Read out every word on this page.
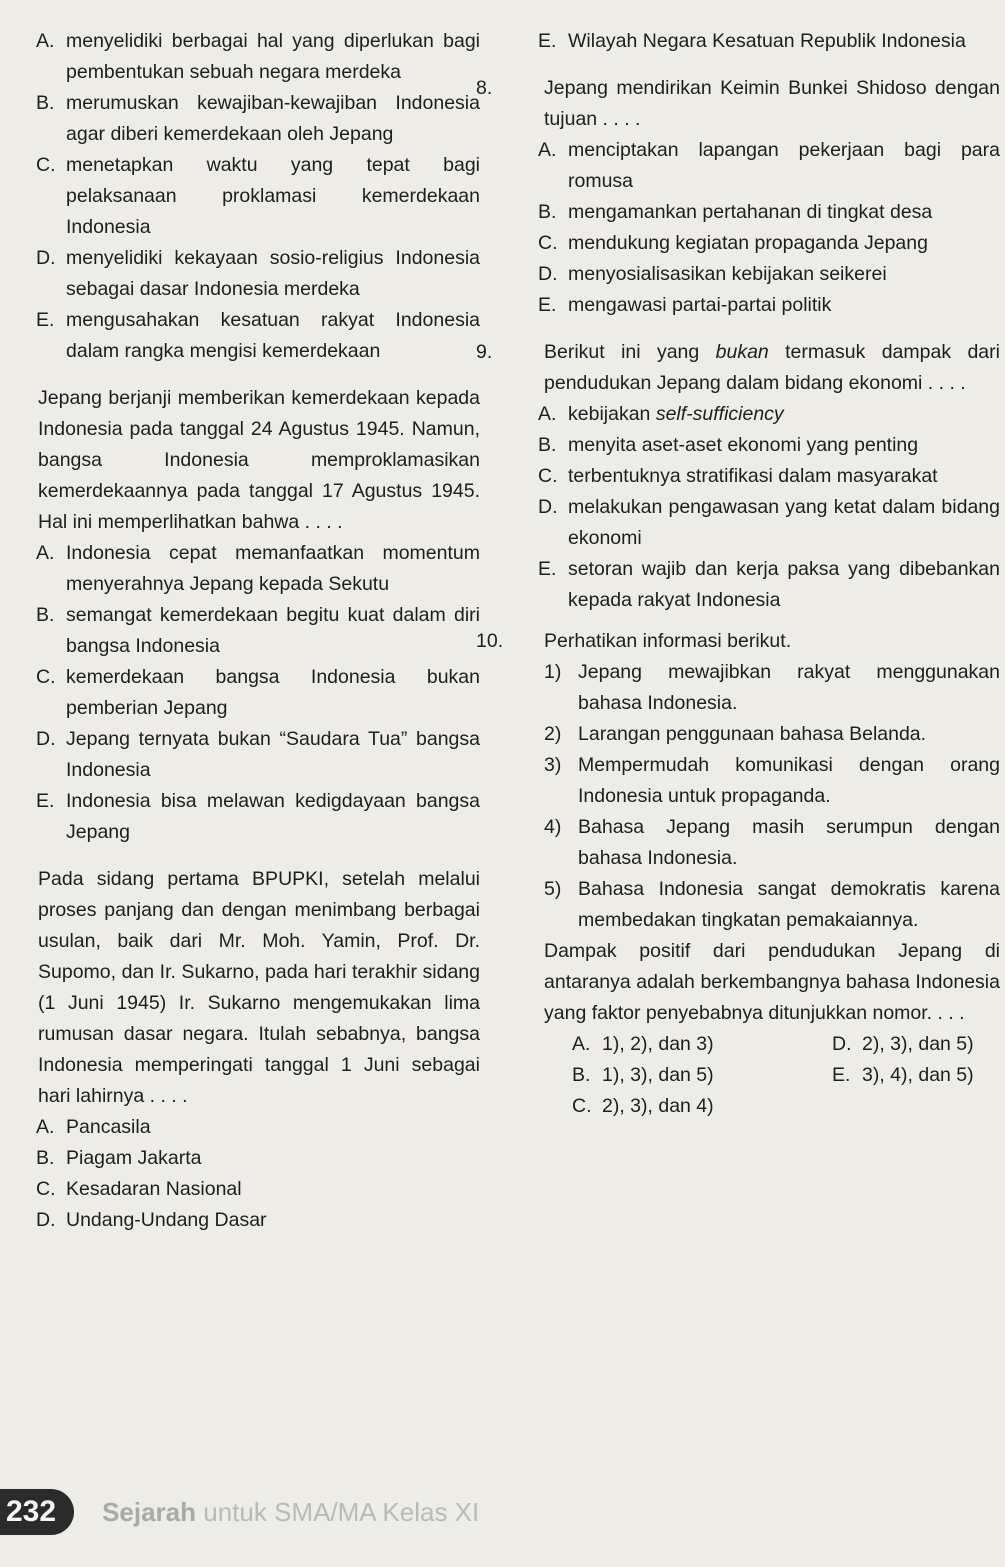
A. menyelidiki berbagai hal yang diperlukan bagi pembentukan sebuah negara merdeka
B. merumuskan kewajiban-kewajiban Indonesia agar diberi kemerdekaan oleh Jepang
C. menetapkan waktu yang tepat bagi pelaksanaan proklamasi kemerdekaan Indonesia
D. menyelidiki kekayaan sosio-religius Indonesia sebagai dasar Indonesia merdeka
E. mengusahakan kesatuan rakyat Indonesia dalam rangka mengisi kemerdekaan

Jepang berjanji memberikan kemerdekaan kepada Indonesia pada tanggal 24 Agustus 1945. Namun, bangsa Indonesia memproklamasikan kemerdekaannya pada tanggal 17 Agustus 1945. Hal ini memperlihatkan bahwa . . . .

A. Indonesia cepat memanfaatkan momentum menyerahnya Jepang kepada Sekutu
B. semangat kemerdekaan begitu kuat dalam diri bangsa Indonesia
C. kemerdekaan bangsa Indonesia bukan pemberian Jepang
D. Jepang ternyata bukan “Saudara Tua” bangsa Indonesia
E. Indonesia bisa melawan kedigdayaan bangsa Jepang

Pada sidang pertama BPUPKI, setelah melalui proses panjang dan dengan menimbang berbagai usulan, baik dari Mr. Moh. Yamin, Prof. Dr. Supomo, dan Ir. Sukarno, pada hari terakhir sidang (1 Juni 1945) Ir. Sukarno mengemukakan lima rumusan dasar negara. Itulah sebabnya, bangsa Indonesia memperingati tanggal 1 Juni sebagai hari lahirnya . . . .

A. Pancasila
B. Piagam Jakarta
C. Kesadaran Nasional
D. Undang-Undang Dasar
E. Wilayah Negara Kesatuan Republik Indonesia

8.	Jepang mendirikan Keimin Bunkei Shidoso dengan tujuan . . . .

A. menciptakan lapangan pekerjaan bagi para romusa
B. mengamankan pertahanan di tingkat desa
C. mendukung kegiatan propaganda Jepang
D. menyosialisasikan kebijakan seikerei
E. mengawasi partai-partai politik

9.	Berikut ini yang bukan termasuk dampak dari pendudukan Jepang dalam bidang ekonomi . . . .

A. kebijakan self-sufficiency
B. menyita aset-aset ekonomi yang penting
C. terbentuknya stratifikasi dalam masyarakat
D. melakukan pengawasan yang ketat dalam bidang ekonomi
E. setoran wajib dan kerja paksa yang dibebankan kepada rakyat Indonesia

10. Perhatikan informasi berikut.

1) Jepang mewajibkan rakyat menggunakan bahasa Indonesia.
2) Larangan penggunaan bahasa Belanda.
3) Mempermudah komunikasi dengan orang Indonesia untuk propaganda.
4) Bahasa Jepang masih serumpun dengan bahasa Indonesia.
5) Bahasa Indonesia sangat demokratis karena membedakan tingkatan pemakaiannya.

Dampak positif dari pendudukan Jepang di antaranya adalah berkembangnya bahasa Indonesia yang faktor penyebabnya ditunjukkan nomor. . . .

A. 1), 2), dan 3)	D. 2), 3), dan 5)
B. 1), 3), dan 5)	E. 3), 4), dan 5)
C. 2), 3), dan 4)
232	Sejarah untuk SMA/MA Kelas XI
